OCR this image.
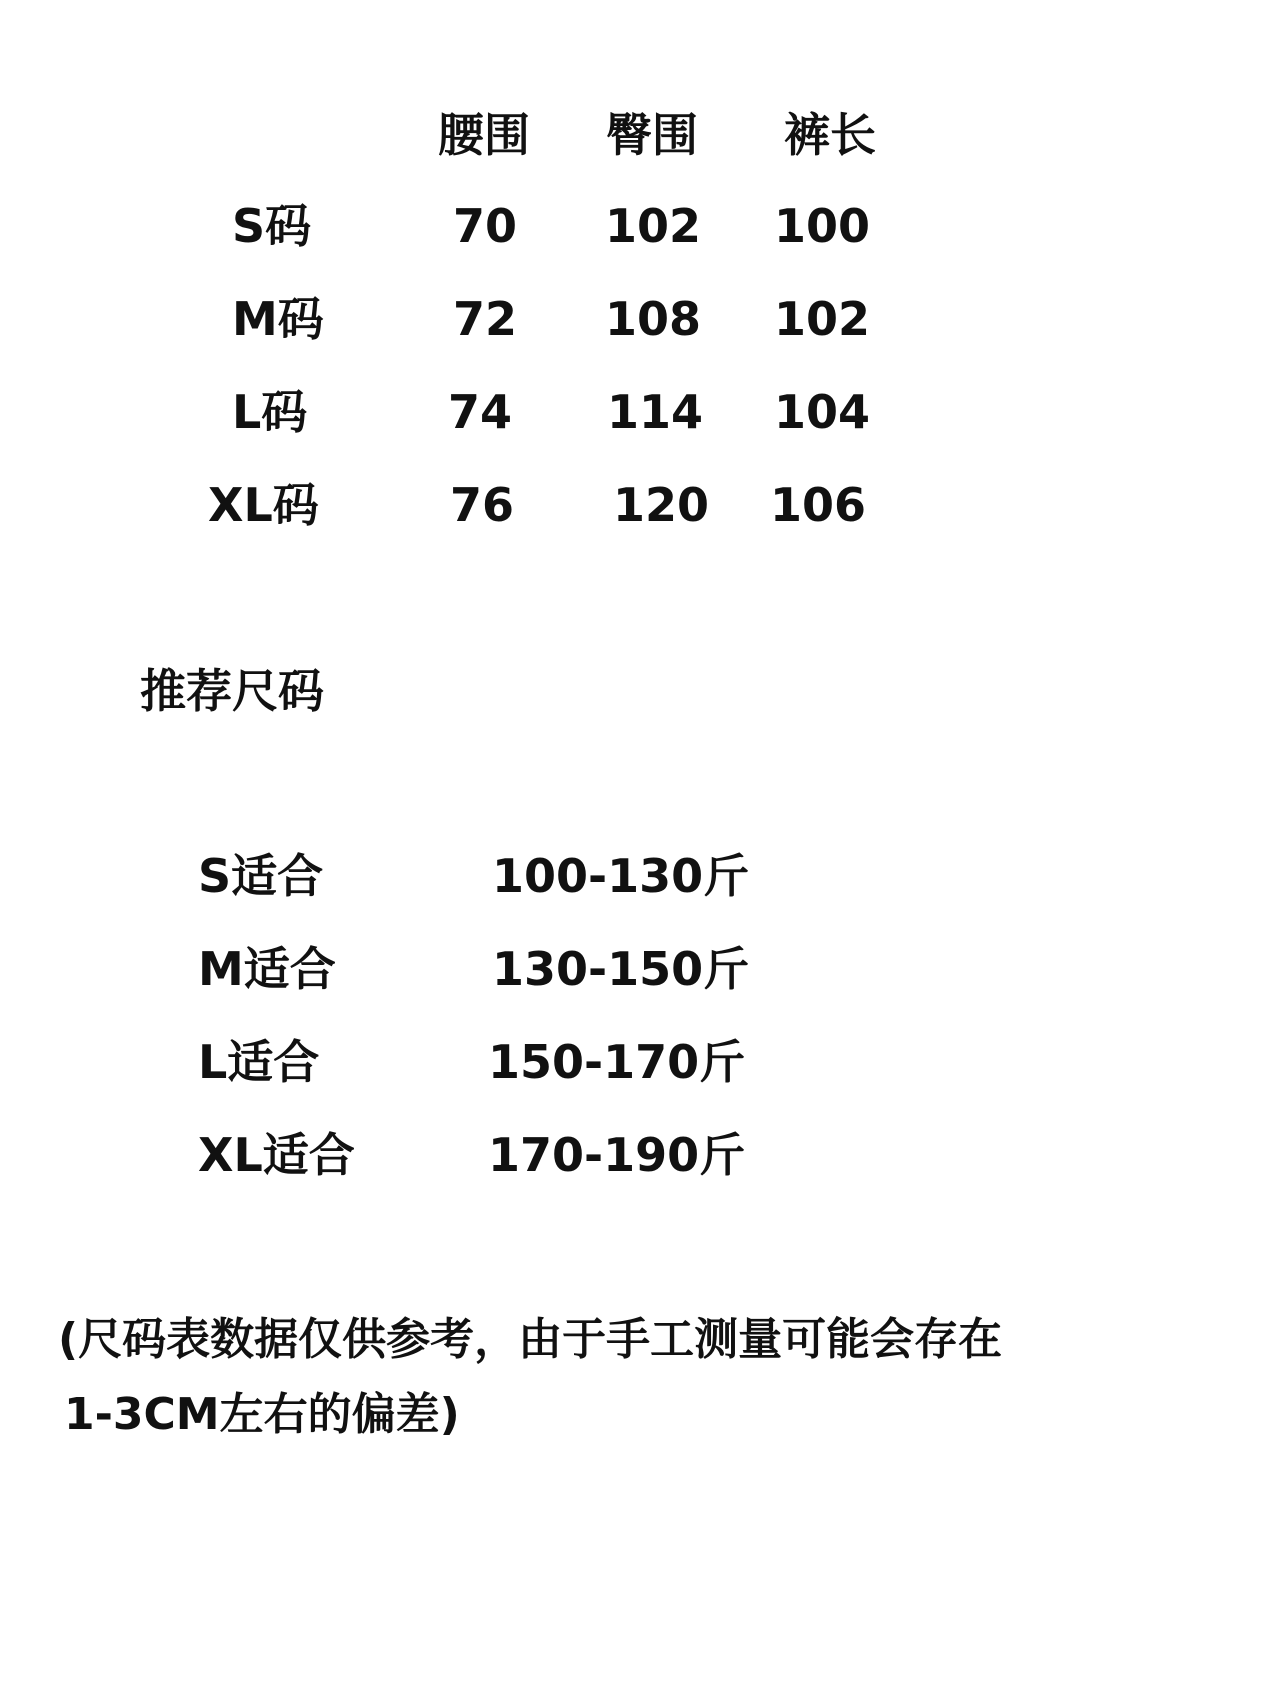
腰围 臀围 裤长
S码	70	102	100
M码	72	108	102
L码	74	114	104
XL码	76	120	106
推荐尺码
S适合	100-130斤
M适合	130-150斤
L适合	150-170斤
XL适合	170-190斤
(尺码表数据仅供参考，由于手工测量可能会存在
1-3CM左右的偏差)
